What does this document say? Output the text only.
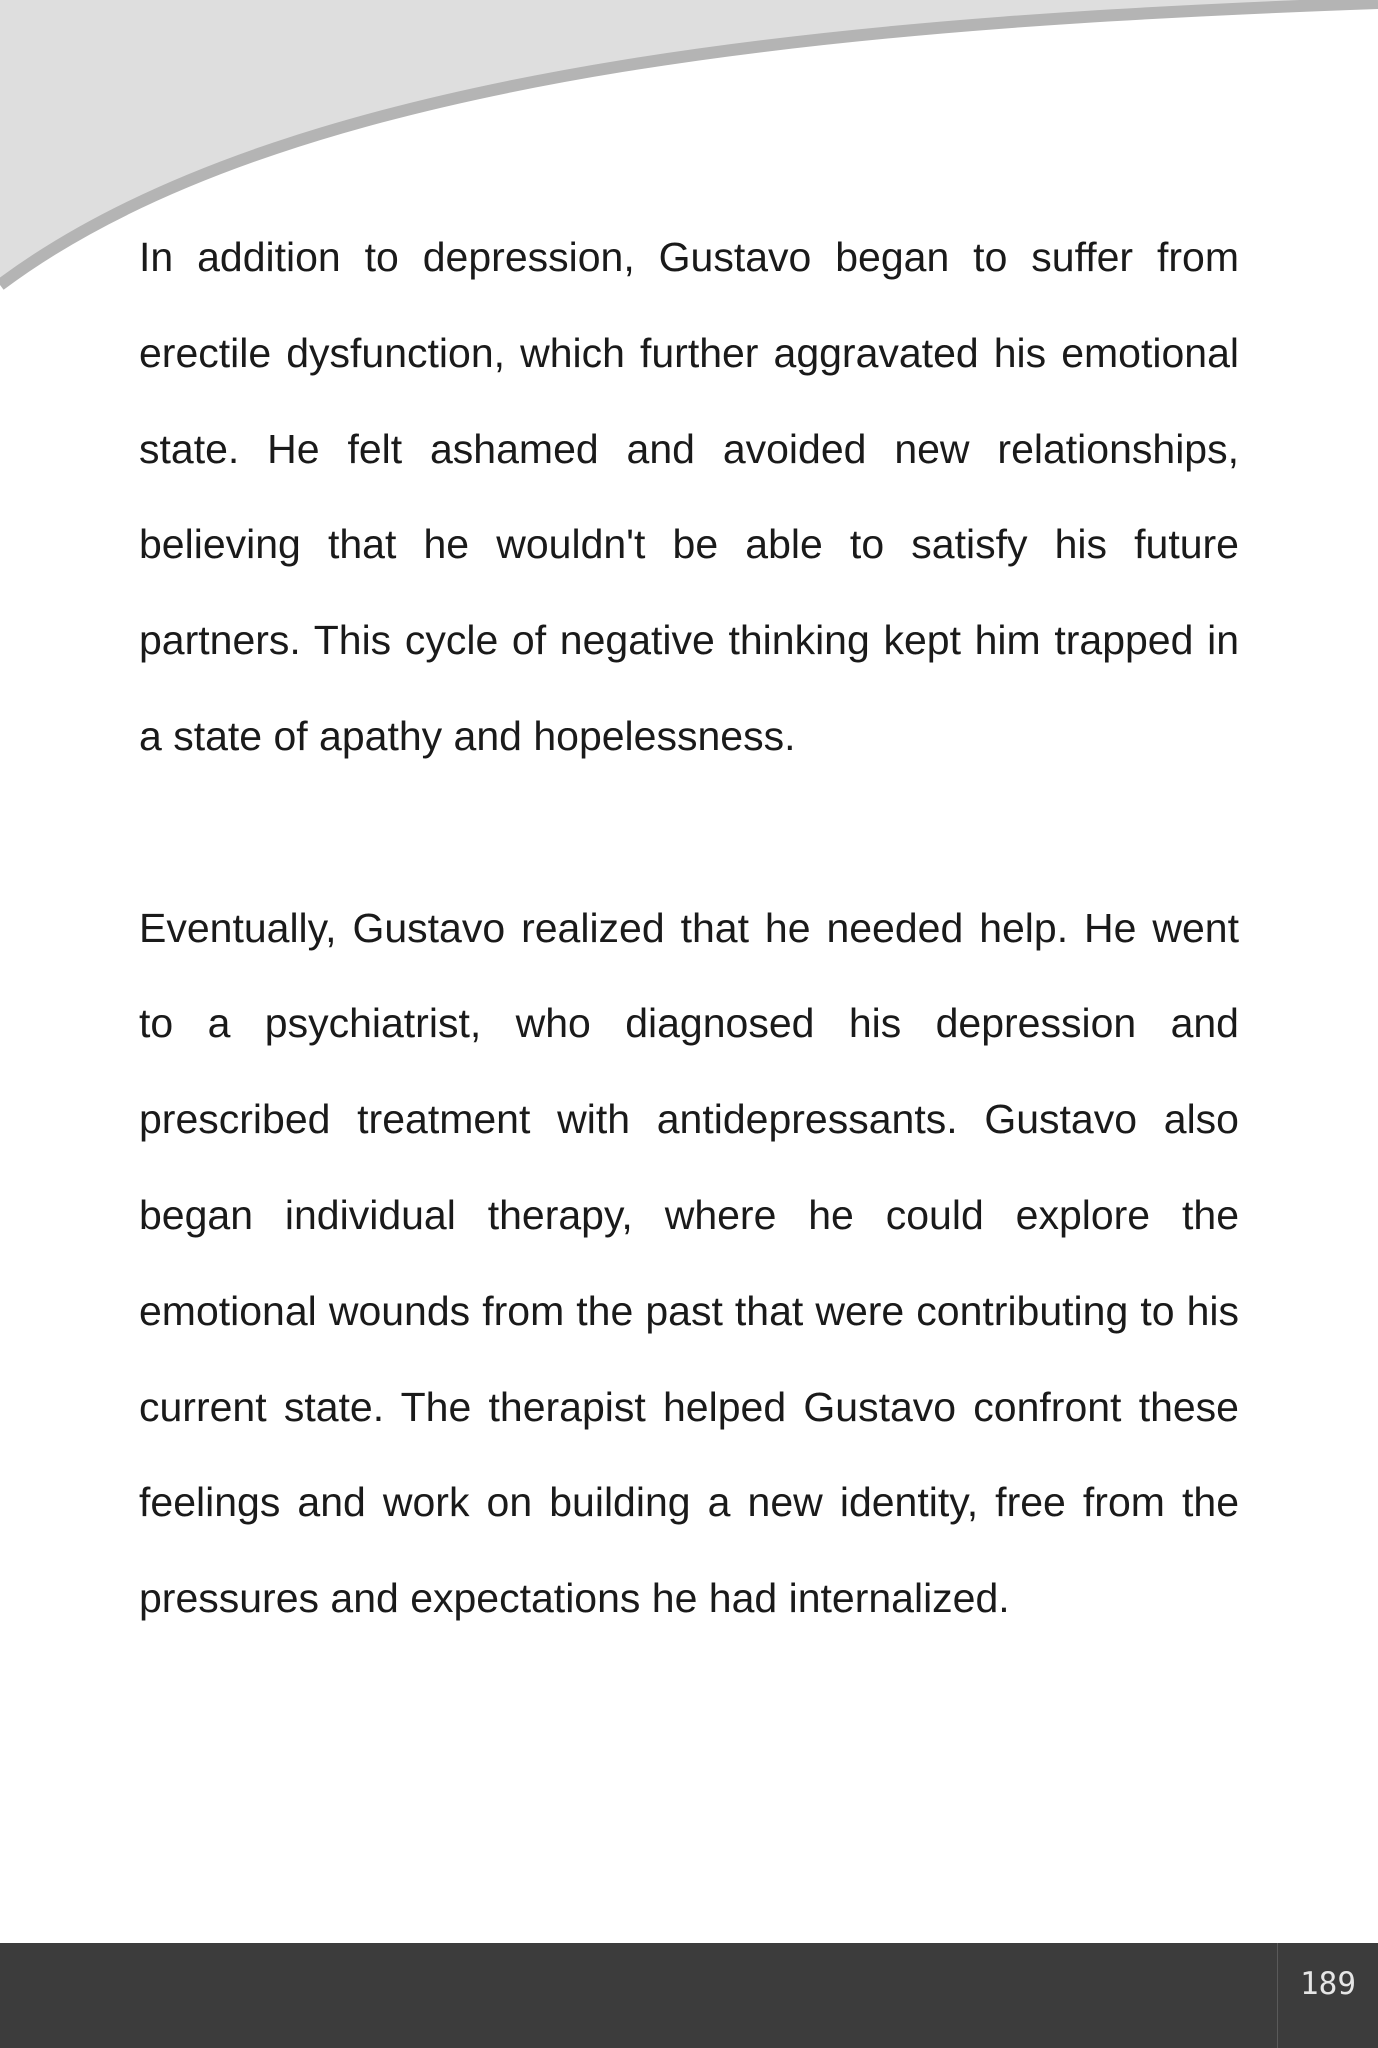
In addition to depression, Gustavo began to suffer from erectile dysfunction, which further aggravated his emotional state. He felt ashamed and avoided new relationships, believing that he wouldn't be able to satisfy his future partners. This cycle of negative thinking kept him trapped in a state of apathy and hopelessness.

Eventually, Gustavo realized that he needed help. He went to a psychiatrist, who diagnosed his depression and prescribed treatment with antidepressants. Gustavo also began individual therapy, where he could explore the emotional wounds from the past that were contributing to his current state. The therapist helped Gustavo confront these feelings and work on building a new identity, free from the pressures and expectations he had internalized.

189
